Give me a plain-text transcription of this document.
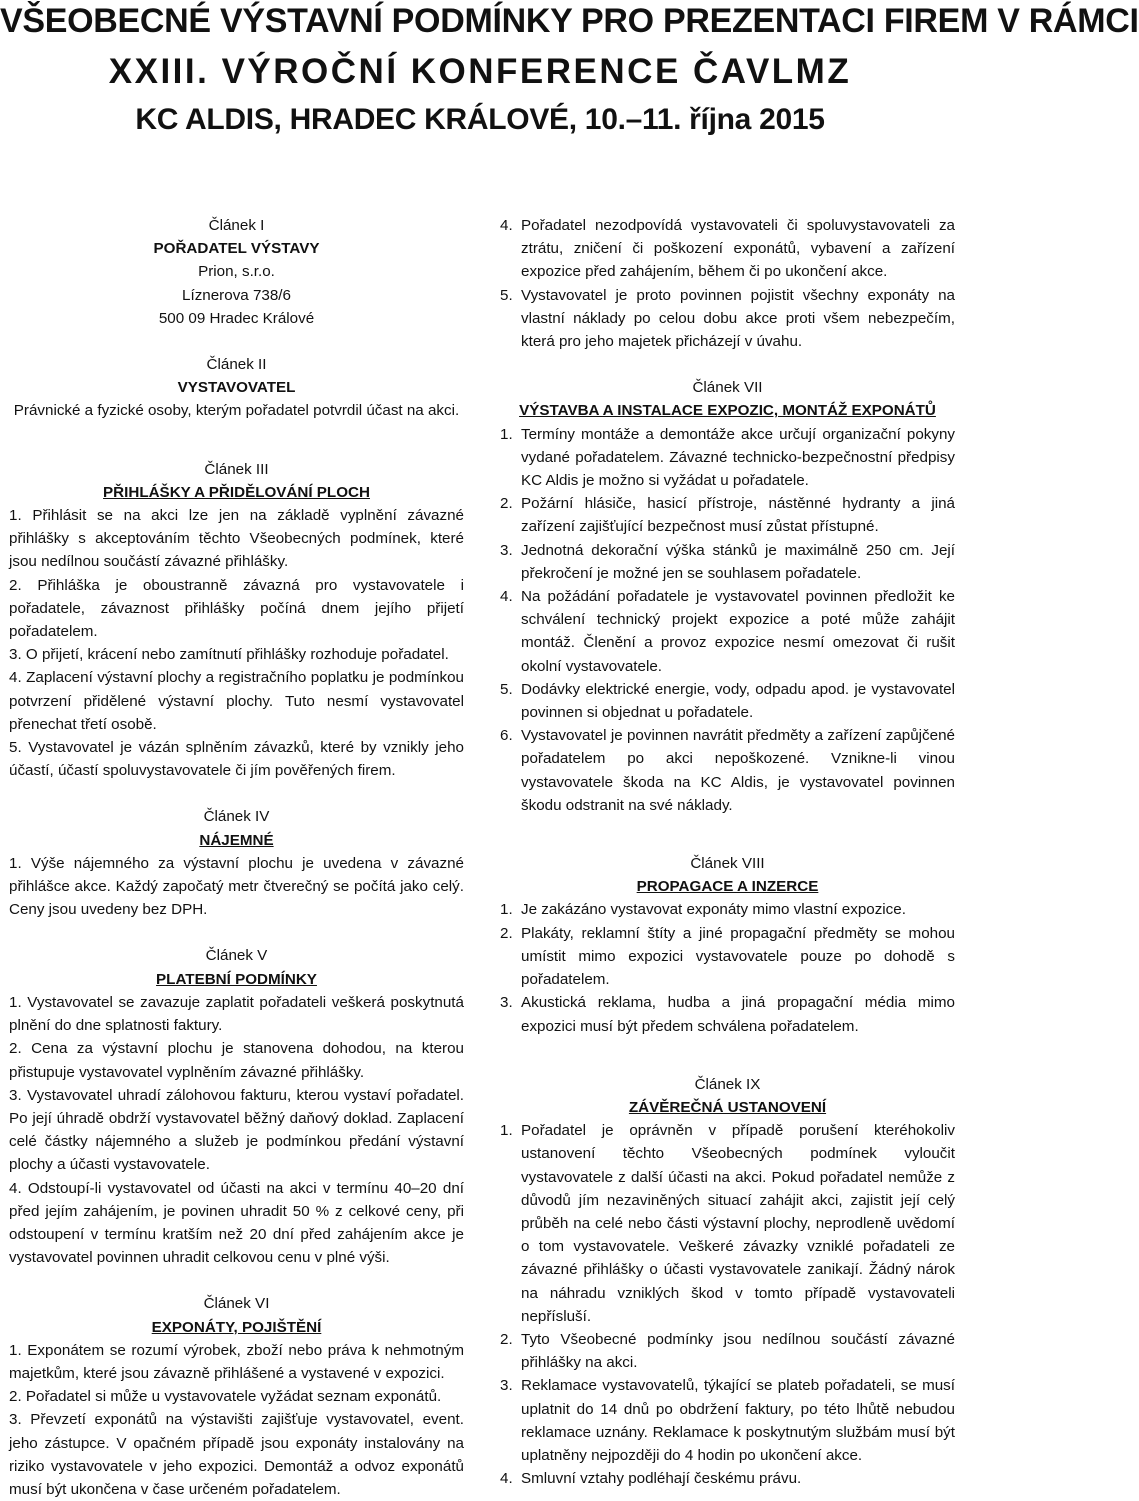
VŠEOBECNÉ VÝSTAVNÍ PODMÍNKY PRO PREZENTACI FIREM V RÁMCI
XXIII. VÝROČNÍ KONFERENCE ČAVLMZ
KC ALDIS, HRADEC KRÁLOVÉ, 10.–11. října 2015
Článek I
POŘADATEL VÝSTAVY
Prion, s.r.o.
Líznerova 738/6
500 09 Hradec Králové
Článek II
VYSTAVOVATEL
Právnické a fyzické osoby, kterým pořadatel potvrdil účast na akci.
Článek III
PŘIHLÁŠKY A PŘIDĚLOVÁNÍ PLOCH
1. Přihlásit se na akci lze jen na základě vyplnění závazné přihlášky s akceptováním těchto Všeobecných podmínek, které jsou nedílnou součástí závazné přihlášky.
2. Přihláška je oboustranně závazná pro vystavovatele i pořadatele, závaznost přihlášky počíná dnem jejího přijetí pořadatelem.
3. O přijetí, krácení nebo zamítnutí přihlášky rozhoduje pořadatel.
4. Zaplacení výstavní plochy a registračního poplatku je podmínkou potvrzení přidělené výstavní plochy. Tuto nesmí vystavovatel přenechat třetí osobě.
5. Vystavovatel je vázán splněním závazků, které by vznikly jeho účastí, účastí spoluvystavovatele či jím pověřených firem.
Článek IV
NÁJEMNÉ
1. Výše nájemného za výstavní plochu je uvedena v závazné přihlášce akce. Každý započatý metr čtverečný se počítá jako celý. Ceny jsou uvedeny bez DPH.
Článek V
PLATEBNÍ PODMÍNKY
1. Vystavovatel se zavazuje zaplatit pořadateli veškerá poskytnutá plnění do dne splatnosti faktury.
2. Cena za výstavní plochu je stanovena dohodou, na kterou přistupuje vystavovatel vyplněním závazné přihlášky.
3. Vystavovatel uhradí zálohovou fakturu, kterou vystaví pořadatel. Po její úhradě obdrží vystavovatel běžný daňový doklad. Zaplacení celé částky nájemného a služeb je podmínkou předání výstavní plochy a účasti vystavovatele.
4. Odstoupí-li vystavovatel od účasti na akci v termínu 40–20 dní před jejím zahájením, je povinen uhradit 50 % z celkové ceny, při odstoupení v termínu kratším než 20 dní před zahájením akce je vystavovatel povinnen uhradit celkovou cenu v plné výši.
Článek VI
EXPONÁTY, POJIŠTĚNÍ
1. Exponátem se rozumí výrobek, zboží nebo práva k nehmotným majetkům, které jsou závazně přihlášené a vystavené v expozici.
2. Pořadatel si může u vystavovatele vyžádat seznam exponátů.
3. Převzetí exponátů na výstavišti zajišťuje vystavovatel, event. jeho zástupce. V opačném případě jsou exponáty instalovány na riziko vystavovatele v jeho expozici. Demontáž a odvoz exponátů musí být ukončena v čase určeném pořadatelem.
4. Pořadatel nezodpovídá vystavovateli či spoluvystavovateli za ztrátu, zničení či poškození exponátů, vybavení a zařízení expozice před zahájením, během či po ukončení akce.
5. Vystavovatel je proto povinnen pojistit všechny exponáty na vlastní náklady po celou dobu akce proti všem nebezpečím, která pro jeho majetek přicházejí v úvahu.
Článek VII
VÝSTAVBA A INSTALACE EXPOZIC, MONTÁŽ EXPONÁTŮ
1. Termíny montáže a demontáže akce určují organizační pokyny vydané pořadatelem. Závazné technicko-bezpečnostní předpisy KC Aldis je možno si vyžádat u pořadatele.
2. Požární hlásiče, hasicí přístroje, nástěnné hydranty a jiná zařízení zajišťující bezpečnost musí zůstat přístupné.
3. Jednotná dekorační výška stánků je maximálně 250 cm. Její překročení je možné jen se souhlasem pořadatele.
4. Na požádání pořadatele je vystavovatel povinnen předložit ke schválení technický projekt expozice a poté může zahájit montáž. Členění a provoz expozice nesmí omezovat či rušit okolní vystavovatele.
5. Dodávky elektrické energie, vody, odpadu apod. je vystavovatel povinnen si objednat u pořadatele.
6. Vystavovatel je povinnen navrátit předměty a zařízení zapůjčené pořadatelem po akci nepoškozené. Vznikne-li vinou vystavovatele škoda na KC Aldis, je vystavovatel povinnen škodu odstranit na své náklady.
Článek VIII
PROPAGACE A INZERCE
1. Je zakázáno vystavovat exponáty mimo vlastní expozice.
2. Plakáty, reklamní štíty a jiné propagační předměty se mohou umístit mimo expozici vystavovatele pouze po dohodě s pořadatelem.
3. Akustická reklama, hudba a jiná propagační média mimo expozici musí být předem schválena pořadatelem.
Článek IX
ZÁVĚREČNÁ USTANOVENÍ
1. Pořadatel je oprávněn v případě porušení kteréhokoliv ustanovení těchto Všeobecných podmínek vyloučit vystavovatele z další účasti na akci. Pokud pořadatel nemůže z důvodů jím nezaviněných situací zahájit akci, zajistit její celý průběh na celé nebo části výstavní plochy, neprodleně uvědomí o tom vystavovatele. Veškeré závazky vzniklé pořadateli ze závazné přihlášky o účasti vystavovatele zanikají. Žádný nárok na náhradu vzniklých škod v tomto případě vystavovateli nepřísluší.
2. Tyto Všeobecné podmínky jsou nedílnou součástí závazné přihlášky na akci.
3. Reklamace vystavovatelů, týkající se plateb pořadateli, se musí uplatnit do 14 dnů po obdržení faktury, po této lhůtě nebudou reklamace uznány. Reklamace k poskytnutým službám musí být uplatněny nejpozději do 4 hodin po ukončení akce.
4. Smluvní vztahy podléhají českému právu.
